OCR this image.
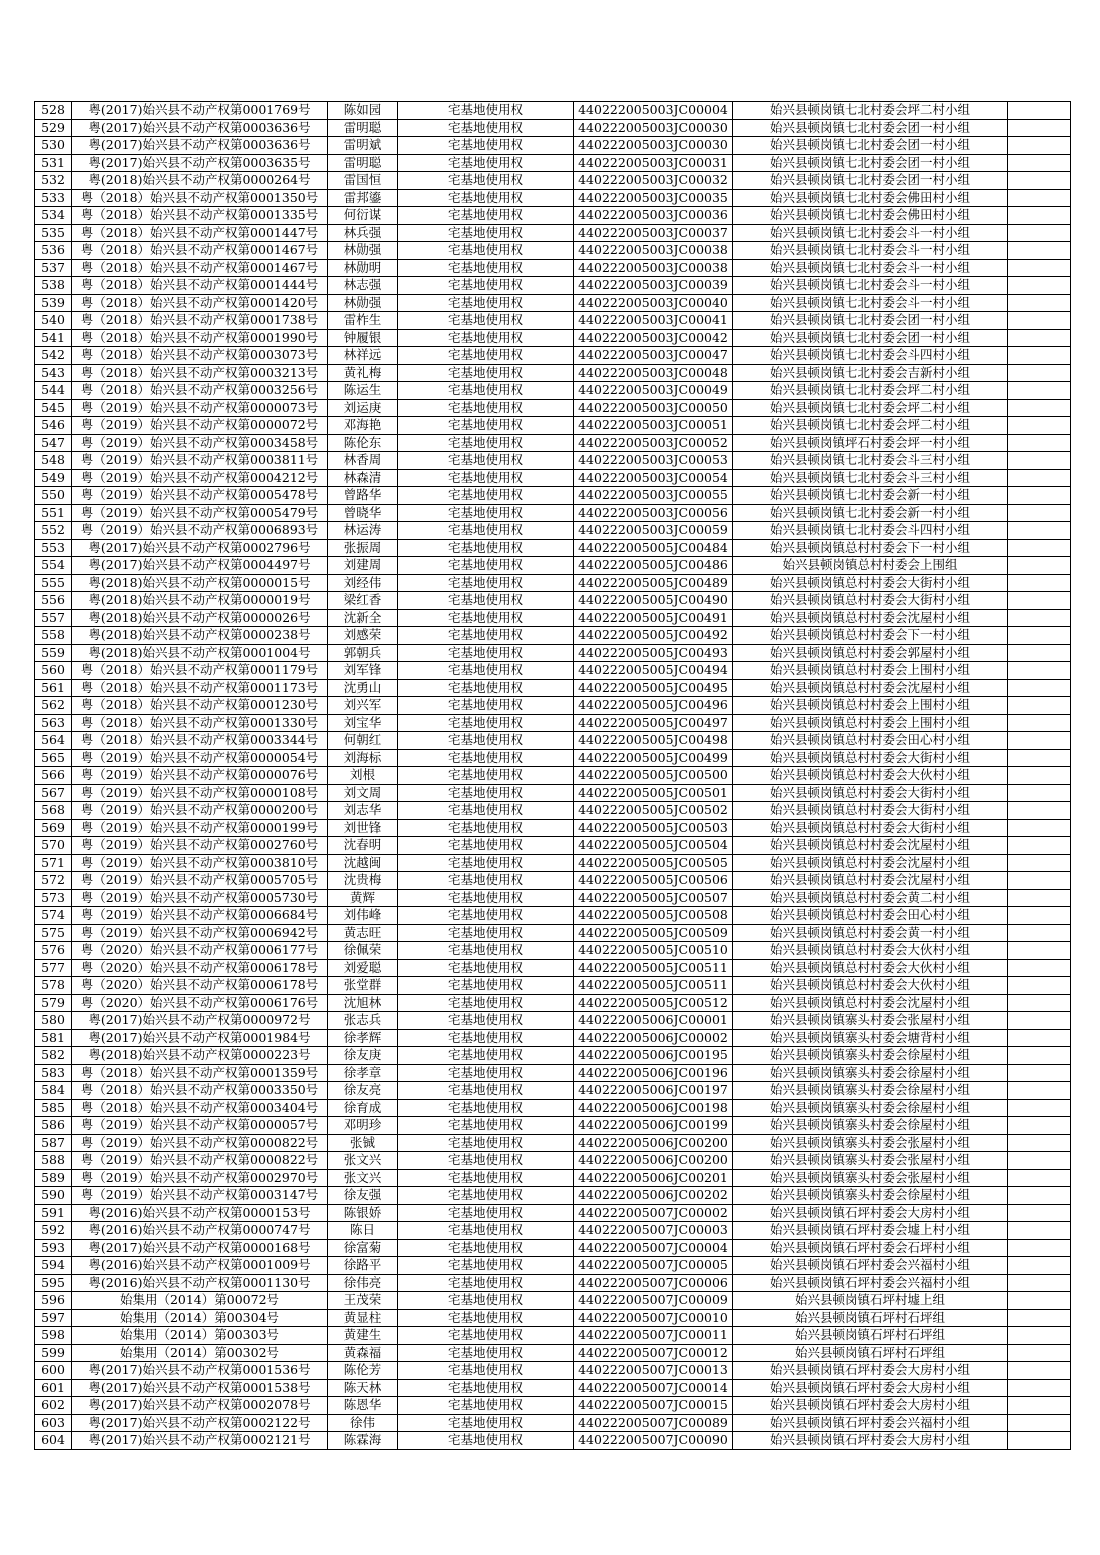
528	粤(2017)始兴县不动产权第0001769号	陈如园	宅基地使用权	440222005003JC00004	始兴县顿岗镇七北村委会坪二村小组	
529	粤(2017)始兴县不动产权第0003636号	雷明聪	宅基地使用权	440222005003JC00030	始兴县顿岗镇七北村委会团一村小组	
530	粤(2017)始兴县不动产权第0003636号	雷明斌	宅基地使用权	440222005003JC00030	始兴县顿岗镇七北村委会团一村小组	
531	粤(2017)始兴县不动产权第0003635号	雷明聪	宅基地使用权	440222005003JC00031	始兴县顿岗镇七北村委会团一村小组	
532	粤(2018)始兴县不动产权第0000264号	雷国恒	宅基地使用权	440222005003JC00032	始兴县顿岗镇七北村委会团一村小组	
533	粤（2018）始兴县不动产权第0001350号	雷邦鎏	宅基地使用权	440222005003JC00035	始兴县顿岗镇七北村委会佛田村小组	
534	粤（2018）始兴县不动产权第0001335号	何衍谋	宅基地使用权	440222005003JC00036	始兴县顿岗镇七北村委会佛田村小组	
535	粤（2018）始兴县不动产权第0001447号	林兵强	宅基地使用权	440222005003JC00037	始兴县顿岗镇七北村委会斗一村小组	
536	粤（2018）始兴县不动产权第0001467号	林勋强	宅基地使用权	440222005003JC00038	始兴县顿岗镇七北村委会斗一村小组	
537	粤（2018）始兴县不动产权第0001467号	林勋明	宅基地使用权	440222005003JC00038	始兴县顿岗镇七北村委会斗一村小组	
538	粤（2018）始兴县不动产权第0001444号	林志强	宅基地使用权	440222005003JC00039	始兴县顿岗镇七北村委会斗一村小组	
539	粤（2018）始兴县不动产权第0001420号	林勋强	宅基地使用权	440222005003JC00040	始兴县顿岗镇七北村委会斗一村小组	
540	粤（2018）始兴县不动产权第0001738号	雷柞生	宅基地使用权	440222005003JC00041	始兴县顿岗镇七北村委会团一村小组	
541	粤（2018）始兴县不动产权第0001990号	钟履银	宅基地使用权	440222005003JC00042	始兴县顿岗镇七北村委会团一村小组	
542	粤（2018）始兴县不动产权第0003073号	林祥远	宅基地使用权	440222005003JC00047	始兴县顿岗镇七北村委会斗四村小组	
543	粤（2018）始兴县不动产权第0003213号	黄礼梅	宅基地使用权	440222005003JC00048	始兴县顿岗镇七北村委会吉新村小组	
544	粤（2018）始兴县不动产权第0003256号	陈运生	宅基地使用权	440222005003JC00049	始兴县顿岗镇七北村委会坪二村小组	
545	粤（2019）始兴县不动产权第0000073号	刘运庚	宅基地使用权	440222005003JC00050	始兴县顿岗镇七北村委会坪二村小组	
546	粤（2019）始兴县不动产权第0000072号	邓海艳	宅基地使用权	440222005003JC00051	始兴县顿岗镇七北村委会坪二村小组	
547	粤（2019）始兴县不动产权第0003458号	陈伦东	宅基地使用权	440222005003JC00052	始兴县顿岗镇坪石村委会坪一村小组	
548	粤（2019）始兴县不动产权第0003811号	林香周	宅基地使用权	440222005003JC00053	始兴县顿岗镇七北村委会斗三村小组	
549	粤（2019）始兴县不动产权第0004212号	林森清	宅基地使用权	440222005003JC00054	始兴县顿岗镇七北村委会斗三村小组	
550	粤（2019）始兴县不动产权第0005478号	曾路华	宅基地使用权	440222005003JC00055	始兴县顿岗镇七北村委会新一村小组	
551	粤（2019）始兴县不动产权第0005479号	曾晓华	宅基地使用权	440222005003JC00056	始兴县顿岗镇七北村委会新一村小组	
552	粤（2019）始兴县不动产权第0006893号	林运涛	宅基地使用权	440222005003JC00059	始兴县顿岗镇七北村委会斗四村小组	
553	粤(2017)始兴县不动产权第0002796号	张振周	宅基地使用权	440222005005JC00484	始兴县顿岗镇总村村委会下一村小组	
554	粤(2017)始兴县不动产权第0004497号	刘建周	宅基地使用权	440222005005JC00486	始兴县顿岗镇总村村委会上围组	
555	粤(2018)始兴县不动产权第0000015号	刘经伟	宅基地使用权	440222005005JC00489	始兴县顿岗镇总村村委会大街村小组	
556	粤(2018)始兴县不动产权第0000019号	梁红香	宅基地使用权	440222005005JC00490	始兴县顿岗镇总村村委会大街村小组	
557	粤(2018)始兴县不动产权第0000026号	沈新全	宅基地使用权	440222005005JC00491	始兴县顿岗镇总村村委会沈屋村小组	
558	粤(2018)始兴县不动产权第0000238号	刘感荣	宅基地使用权	440222005005JC00492	始兴县顿岗镇总村村委会下一村小组	
559	粤(2018)始兴县不动产权第0001004号	郭朝兵	宅基地使用权	440222005005JC00493	始兴县顿岗镇总村村委会郭屋村小组	
560	粤（2018）始兴县不动产权第0001179号	刘军锋	宅基地使用权	440222005005JC00494	始兴县顿岗镇总村村委会上围村小组	
561	粤（2018）始兴县不动产权第0001173号	沈勇山	宅基地使用权	440222005005JC00495	始兴县顿岗镇总村村委会沈屋村小组	
562	粤（2018）始兴县不动产权第0001230号	刘兴军	宅基地使用权	440222005005JC00496	始兴县顿岗镇总村村委会上围村小组	
563	粤（2018）始兴县不动产权第0001330号	刘宝华	宅基地使用权	440222005005JC00497	始兴县顿岗镇总村村委会上围村小组	
564	粤（2018）始兴县不动产权第0003344号	何朝红	宅基地使用权	440222005005JC00498	始兴县顿岗镇总村村委会田心村小组	
565	粤（2019）始兴县不动产权第0000054号	刘海标	宅基地使用权	440222005005JC00499	始兴县顿岗镇总村村委会大街村小组	
566	粤（2019）始兴县不动产权第0000076号	刘根	宅基地使用权	440222005005JC00500	始兴县顿岗镇总村村委会大伙村小组	
567	粤（2019）始兴县不动产权第0000108号	刘文周	宅基地使用权	440222005005JC00501	始兴县顿岗镇总村村委会大街村小组	
568	粤（2019）始兴县不动产权第0000200号	刘志华	宅基地使用权	440222005005JC00502	始兴县顿岗镇总村村委会大街村小组	
569	粤（2019）始兴县不动产权第0000199号	刘世锋	宅基地使用权	440222005005JC00503	始兴县顿岗镇总村村委会大街村小组	
570	粤（2019）始兴县不动产权第0002760号	沈春明	宅基地使用权	440222005005JC00504	始兴县顿岗镇总村村委会沈屋村小组	
571	粤（2019）始兴县不动产权第0003810号	沈越闽	宅基地使用权	440222005005JC00505	始兴县顿岗镇总村村委会沈屋村小组	
572	粤（2019）始兴县不动产权第0005705号	沈贵梅	宅基地使用权	440222005005JC00506	始兴县顿岗镇总村村委会沈屋村小组	
573	粤（2019）始兴县不动产权第0005730号	黄辉	宅基地使用权	440222005005JC00507	始兴县顿岗镇总村村委会黄二村小组	
574	粤（2019）始兴县不动产权第0006684号	刘伟峰	宅基地使用权	440222005005JC00508	始兴县顿岗镇总村村委会田心村小组	
575	粤（2019）始兴县不动产权第0006942号	黄志旺	宅基地使用权	440222005005JC00509	始兴县顿岗镇总村村委会黄一村小组	
576	粤（2020）始兴县不动产权第0006177号	徐佩荣	宅基地使用权	440222005005JC00510	始兴县顿岗镇总村村委会大伙村小组	
577	粤（2020）始兴县不动产权第0006178号	刘爱聪	宅基地使用权	440222005005JC00511	始兴县顿岗镇总村村委会大伙村小组	
578	粤（2020）始兴县不动产权第0006178号	张堂群	宅基地使用权	440222005005JC00511	始兴县顿岗镇总村村委会大伙村小组	
579	粤（2020）始兴县不动产权第0006176号	沈旭林	宅基地使用权	440222005005JC00512	始兴县顿岗镇总村村委会沈屋村小组	
580	粤(2017)始兴县不动产权第0000972号	张志兵	宅基地使用权	440222005006JC00001	始兴县顿岗镇寨头村委会张屋村小组	
581	粤(2017)始兴县不动产权第0001984号	徐孝辉	宅基地使用权	440222005006JC00002	始兴县顿岗镇寨头村委会塘背村小组	
582	粤(2018)始兴县不动产权第0000223号	徐友庚	宅基地使用权	440222005006JC00195	始兴县顿岗镇寨头村委会徐屋村小组	
583	粤（2018）始兴县不动产权第0001359号	徐孝章	宅基地使用权	440222005006JC00196	始兴县顿岗镇寨头村委会徐屋村小组	
584	粤（2018）始兴县不动产权第0003350号	徐友亮	宅基地使用权	440222005006JC00197	始兴县顿岗镇寨头村委会徐屋村小组	
585	粤（2018）始兴县不动产权第0003404号	徐育成	宅基地使用权	440222005006JC00198	始兴县顿岗镇寨头村委会徐屋村小组	
586	粤（2019）始兴县不动产权第0000057号	邓明珍	宅基地使用权	440222005006JC00199	始兴县顿岗镇寨头村委会徐屋村小组	
587	粤（2019）始兴县不动产权第0000822号	张铖	宅基地使用权	440222005006JC00200	始兴县顿岗镇寨头村委会张屋村小组	
588	粤（2019）始兴县不动产权第0000822号	张文兴	宅基地使用权	440222005006JC00200	始兴县顿岗镇寨头村委会张屋村小组	
589	粤（2019）始兴县不动产权第0002970号	张文兴	宅基地使用权	440222005006JC00201	始兴县顿岗镇寨头村委会张屋村小组	
590	粤（2019）始兴县不动产权第0003147号	徐友强	宅基地使用权	440222005006JC00202	始兴县顿岗镇寨头村委会徐屋村小组	
591	粤(2016)始兴县不动产权第0000153号	陈银娇	宅基地使用权	440222005007JC00002	始兴县顿岗镇石坪村委会大房村小组	
592	粤(2016)始兴县不动产权第0000747号	陈日	宅基地使用权	440222005007JC00003	始兴县顿岗镇石坪村委会墟上村小组	
593	粤(2017)始兴县不动产权第0000168号	徐富菊	宅基地使用权	440222005007JC00004	始兴县顿岗镇石坪村委会石坪村小组	
594	粤(2016)始兴县不动产权第0001009号	徐路平	宅基地使用权	440222005007JC00005	始兴县顿岗镇石坪村委会兴福村小组	
595	粤(2016)始兴县不动产权第0001130号	徐伟亮	宅基地使用权	440222005007JC00006	始兴县顿岗镇石坪村委会兴福村小组	
596	始集用（2014）第00072号	王茂荣	宅基地使用权	440222005007JC00009	始兴县顿岗镇石坪村墟上组	
597	始集用（2014）第00304号	黄显柱	宅基地使用权	440222005007JC00010	始兴县顿岗镇石坪村石坪组	
598	始集用（2014）第00303号	黄建生	宅基地使用权	440222005007JC00011	始兴县顿岗镇石坪村石坪组	
599	始集用（2014）第00302号	黄森福	宅基地使用权	440222005007JC00012	始兴县顿岗镇石坪村石坪组	
600	粤(2017)始兴县不动产权第0001536号	陈伦芳	宅基地使用权	440222005007JC00013	始兴县顿岗镇石坪村委会大房村小组	
601	粤(2017)始兴县不动产权第0001538号	陈天林	宅基地使用权	440222005007JC00014	始兴县顿岗镇石坪村委会大房村小组	
602	粤(2017)始兴县不动产权第0002078号	陈恩华	宅基地使用权	440222005007JC00015	始兴县顿岗镇石坪村委会大房村小组	
603	粤(2017)始兴县不动产权第0002122号	徐伟	宅基地使用权	440222005007JC00089	始兴县顿岗镇石坪村委会兴福村小组	
604	粤(2017)始兴县不动产权第0002121号	陈霖海	宅基地使用权	440222005007JC00090	始兴县顿岗镇石坪村委会大房村小组	
